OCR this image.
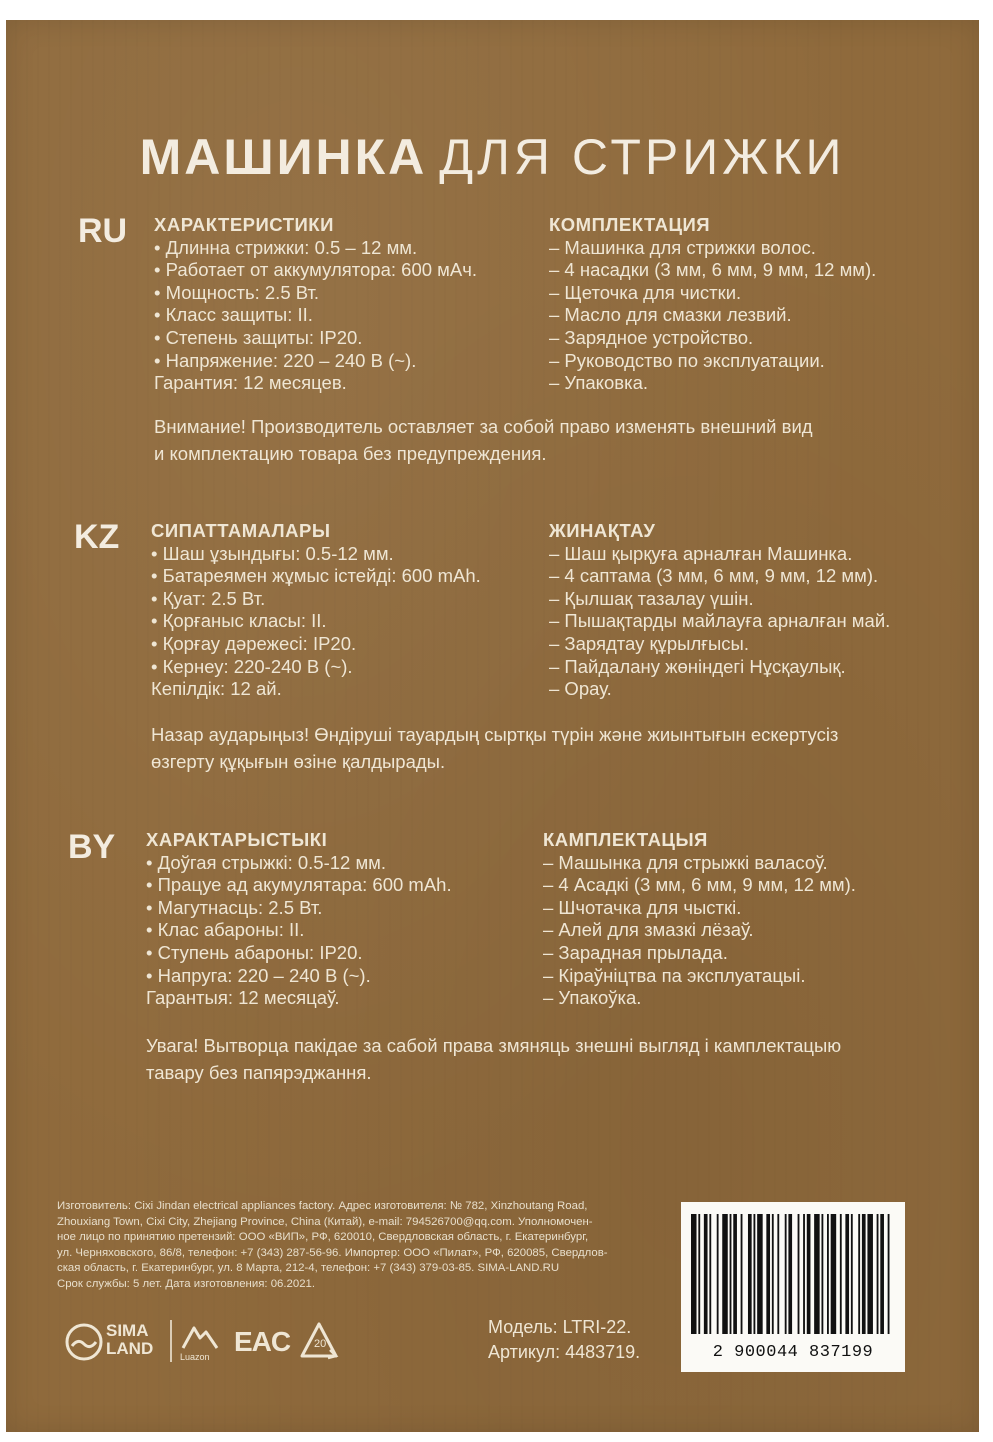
МАШИНКА ДЛЯ СТРИЖКИ
RU ХАРАКТЕРИСТИКИ
• Длинна стрижки: 0.5 – 12 мм.
• Работает от аккумулятора: 600 мАч.
• Мощность: 2.5 Вт.
• Класс защиты: II.
• Степень защиты: IP20.
• Напряжение: 220 – 240 В (~).
Гарантия: 12 месяцев.
КОМПЛЕКТАЦИЯ
– Машинка для стрижки волос.
– 4 насадки (3 мм, 6 мм, 9 мм, 12 мм).
– Щеточка для чистки.
– Масло для смазки лезвий.
– Зарядное устройство.
– Руководство по эксплуатации.
– Упаковка.
Внимание! Производитель оставляет за собой право изменять внешний вид
и комплектацию товара без предупреждения.
KZ СИПАТТАМАЛАРЫ
• Шаш ұзындығы: 0.5-12 мм.
• Батареямен жұмыс істейді: 600 mAh.
• Қуат: 2.5 Вт.
• Қорғаныс класы: II.
• Қорғау дәрежесі: IP20.
• Кернеу: 220-240 В (~).
Кепілдік: 12 ай.
ЖИНАҚТАУ
– Шаш қырқуға арналған Машинка.
– 4 саптама (3 мм, 6 мм, 9 мм, 12 мм).
– Қылшақ тазалау үшін.
– Пышақтарды майлауға арналған май.
– Зарядтау құрылғысы.
– Пайдалану жөніндегі Нұсқаулық.
– Орау.
Назар аударыңыз! Өндіруші тауардың сыртқы түрін және жиынтығын ескертусіз
өзгерту құқығын өзіне қалдырады.
BY ХАРАКТАРЫСТЫКІ
• Доўгая стрыжкі: 0.5-12 мм.
• Працуе ад акумулятара: 600 mAh.
• Магутнасць: 2.5 Вт.
• Клас абароны: II.
• Ступень абароны: IP20.
• Напруга: 220 – 240 В (~).
Гарантыя: 12 месяцаў.
КАМПЛЕКТАЦЫЯ
– Машынка для стрыжкі валасоў.
– 4 Асадкі (3 мм, 6 мм, 9 мм, 12 мм).
– Шчотачка для чысткі.
– Алей для змазкі лёзаў.
– Зарадная прылада.
– Кіраўніцтва па эксплуатацыі.
– Упакоўка.
Увага! Вытворца пакідае за сабой права змяняць знешні выгляд і камплектацыю
тавару без папярэджання.
Изготовитель: Cixi Jindan electrical appliances factory. Адрес изготовителя: № 782, Xinzhoutang Road,
Zhouxiang Town, Cixi City, Zhejiang Province, China (Китай), e-mail: 794526700@qq.com. Уполномочен-
ное лицо по принятию претензий: ООО «ВИП», РФ, 620010, Свердловская область, г. Екатеринбург,
ул. Черняховского, 86/8, телефон: +7 (343) 287-56-96. Импортер: ООО «Пилат», РФ, 620085, Свердлов-
ская область, г. Екатеринбург, ул. 8 Марта, 212-4, телефон: +7 (343) 379-03-85. SIMA-LAND.RU
Срок службы: 5 лет. Дата изготовления: 06.2021.
Модель: LTRI-22.
Артикул: 4483719.	2 900044 837199
SIMA
LAND	Luazon EAC 20
